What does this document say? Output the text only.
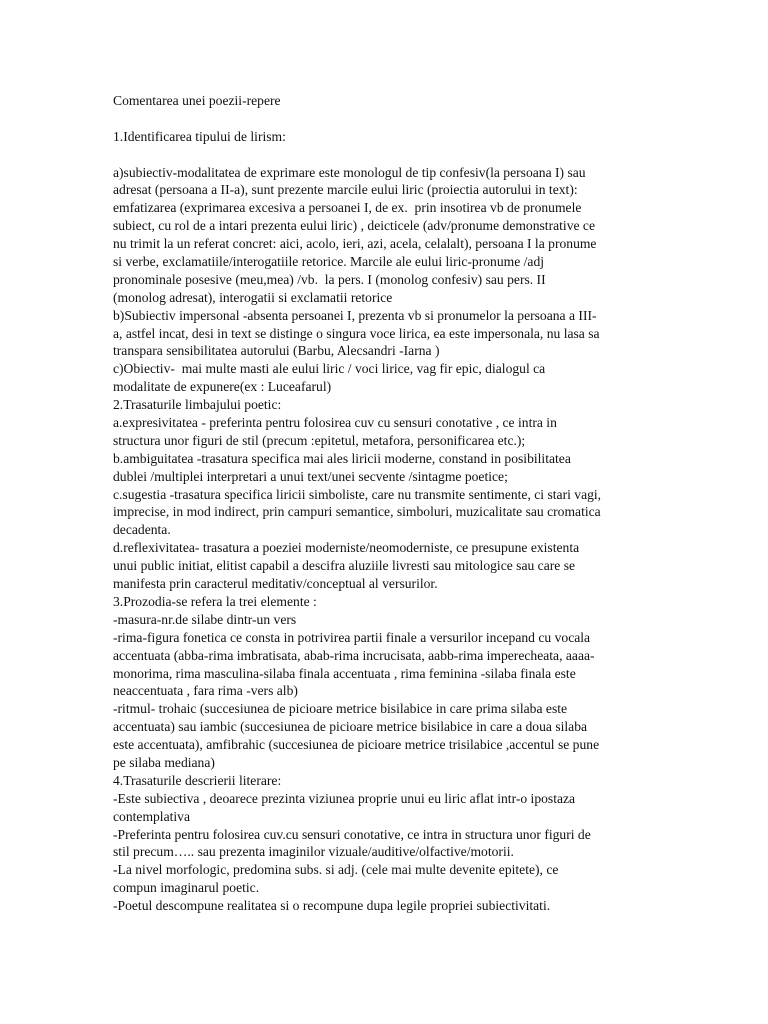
Comentarea unei poezii-repere
1.Identificarea tipului de lirism:
a)subiectiv-modalitatea de exprimare este monologul de tip confesiv(la persoana I) sau
adresat (persoana a II-a), sunt prezente marcile eului liric (proiectia autorului in text):
emfatizarea (exprimarea excesiva a persoanei I, de ex.  prin insotirea vb de pronumele
subiect, cu rol de a intari prezenta eului liric) , deicticele (adv/pronume demonstrative ce
nu trimit la un referat concret: aici, acolo, ieri, azi, acela, celalalt), persoana I la pronume
si verbe, exclamatiile/interogatiile retorice. Marcile ale eului liric-pronume /adj
pronominale posesive (meu,mea) /vb.  la pers. I (monolog confesiv) sau pers. II
(monolog adresat), interogatii si exclamatii retorice
b)Subiectiv impersonal -absenta persoanei I, prezenta vb si pronumelor la persoana a III-
a, astfel incat, desi in text se distinge o singura voce lirica, ea este impersonala, nu lasa sa
transpara sensibilitatea autorului (Barbu, Alecsandri -Iarna )
c)Obiectiv-  mai multe masti ale eului liric / voci lirice, vag fir epic, dialogul ca
modalitate de expunere(ex : Luceafarul)
2.Trasaturile limbajului poetic:
a.expresivitatea - preferinta pentru folosirea cuv cu sensuri conotative , ce intra in
structura unor figuri de stil (precum :epitetul, metafora, personificarea etc.);
b.ambiguitatea -trasatura specifica mai ales liricii moderne, constand in posibilitatea
dublei /multiplei interpretari a unui text/unei secvente /sintagme poetice;
c.sugestia -trasatura specifica liricii simboliste, care nu transmite sentimente, ci stari vagi,
imprecise, in mod indirect, prin campuri semantice, simboluri, muzicalitate sau cromatica
decadenta.
d.reflexivitatea- trasatura a poeziei moderniste/neomoderniste, ce presupune existenta
unui public initiat, elitist capabil a descifra aluziile livresti sau mitologice sau care se
manifesta prin caracterul meditativ/conceptual al versurilor.
3.Prozodia-se refera la trei elemente :
-masura-nr.de silabe dintr-un vers
-rima-figura fonetica ce consta in potrivirea partii finale a versurilor incepand cu vocala
accentuata (abba-rima imbratisata, abab-rima incrucisata, aabb-rima imperecheata, aaaa-
monorima, rima masculina-silaba finala accentuata , rima feminina -silaba finala este
neaccentuata , fara rima -vers alb)
-ritmul- trohaic (succesiunea de picioare metrice bisilabice in care prima silaba este
accentuata) sau iambic (succesiunea de picioare metrice bisilabice in care a doua silaba
este accentuata), amfibrahic (succesiunea de picioare metrice trisilabice ,accentul se pune
pe silaba mediana)
4.Trasaturile descrierii literare:
-Este subiectiva , deoarece prezinta viziunea proprie unui eu liric aflat intr-o ipostaza
contemplativa
-Preferinta pentru folosirea cuv.cu sensuri conotative, ce intra in structura unor figuri de
stil precum….. sau prezenta imaginilor vizuale/auditive/olfactive/motorii.
-La nivel morfologic, predomina subs. si adj. (cele mai multe devenite epitete), ce
compun imaginarul poetic.
-Poetul descompune realitatea si o recompune dupa legile propriei subiectivitati.
